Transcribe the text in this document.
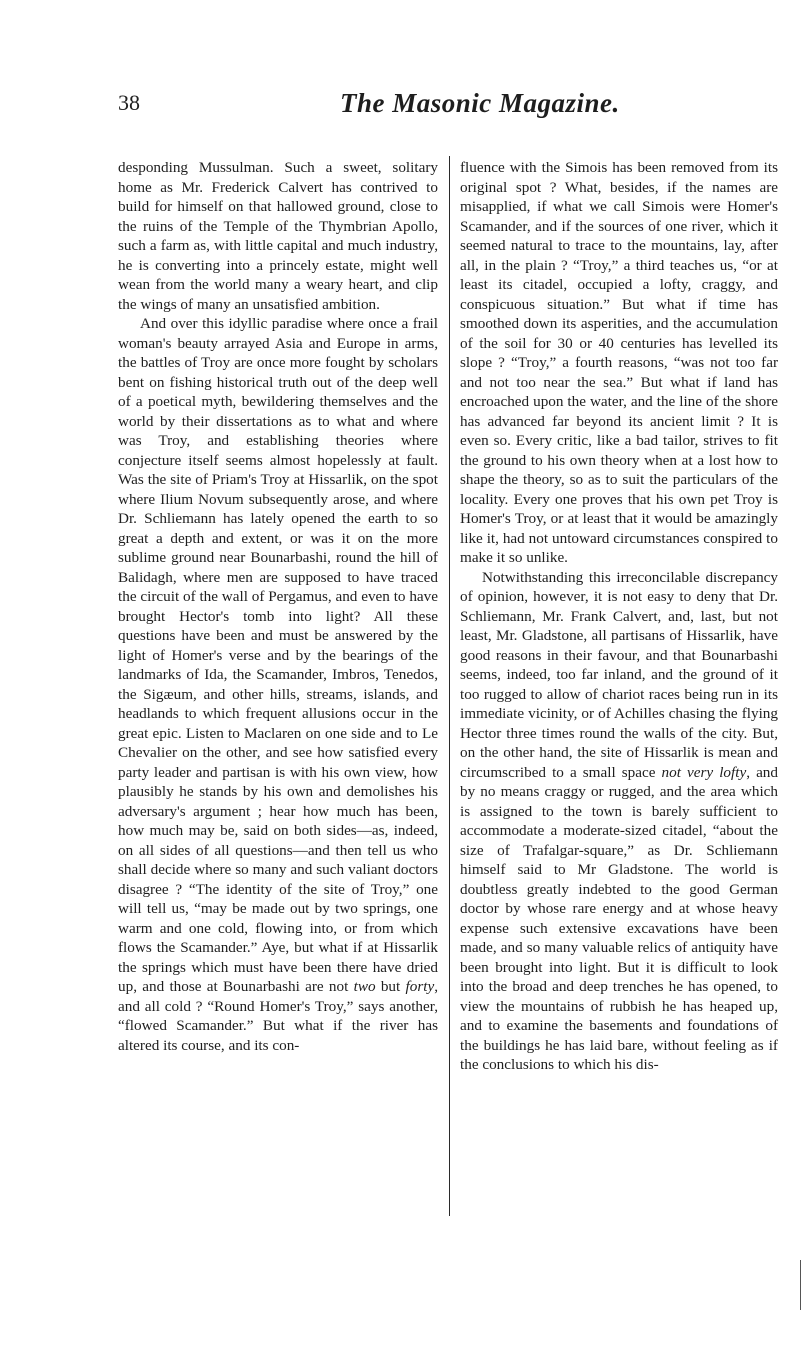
38	The Masonic Magazine.

desponding Mussulman. Such a sweet, solitary home as Mr. Frederick Calvert has contrived to build for himself on that hallowed ground, close to the ruins of the Temple of the Thymbrian Apollo, such a farm as, with little capital and much industry, he is converting into a princely estate, might well wean from the world many a weary heart, and clip the wings of many an unsatisfied ambition.

And over this idyllic paradise where once a frail woman's beauty arrayed Asia and Europe in arms, the battles of Troy are once more fought by scholars bent on fishing historical truth out of the deep well of a poetical myth, bewildering themselves and the world by their dissertations as to what and where was Troy, and establishing theories where conjecture itself seems almost hopelessly at fault. Was the site of Priam's Troy at Hissarlik, on the spot where Ilium Novum subsequently arose, and where Dr. Schliemann has lately opened the earth to so great a depth and extent, or was it on the more sublime ground near Bounarbashi, round the hill of Balidagh, where men are supposed to have traced the circuit of the wall of Pergamus, and even to have brought Hector's tomb into light? All these questions have been and must be answered by the light of Homer's verse and by the bearings of the landmarks of Ida, the Scamander, Imbros, Tenedos, the Sigæum, and other hills, streams, islands, and headlands to which frequent allusions occur in the great epic. Listen to Maclaren on one side and to Le Chevalier on the other, and see how satisfied every party leader and partisan is with his own view, how plausibly he stands by his own and demolishes his adversary's argument ; hear how much has been, how much may be, said on both sides—as, indeed, on all sides of all questions—and then tell us who shall decide where so many and such valiant doctors disagree ? “The identity of the site of Troy,” one will tell us, “may be made out by two springs, one warm and one cold, flowing into, or from which flows the Scamander.” Aye, but what if at Hissarlik the springs which must have been there have dried up, and those at Bounarbashi are not two but forty, and all cold ? “Round Homer's Troy,” says another, “flowed Scamander.” But what if the river has altered its course, and its con-

fluence with the Simois has been removed from its original spot ? What, besides, if the names are misapplied, if what we call Simois were Homer's Scamander, and if the sources of one river, which it seemed natural to trace to the mountains, lay, after all, in the plain ? “Troy,” a third teaches us, “or at least its citadel, occupied a lofty, craggy, and conspicuous situation.” But what if time has smoothed down its asperities, and the accumulation of the soil for 30 or 40 centuries has levelled its slope ? “Troy,” a fourth reasons, “was not too far and not too near the sea.” But what if land has encroached upon the water, and the line of the shore has advanced far beyond its ancient limit ? It is even so. Every critic, like a bad tailor, strives to fit the ground to his own theory when at a lost how to shape the theory, so as to suit the particulars of the locality. Every one proves that his own pet Troy is Homer's Troy, or at least that it would be amazingly like it, had not untoward circumstances conspired to make it so unlike.

Notwithstanding this irreconcilable discrepancy of opinion, however, it is not easy to deny that Dr. Schliemann, Mr. Frank Calvert, and, last, but not least, Mr. Gladstone, all partisans of Hissarlik, have good reasons in their favour, and that Bounarbashi seems, indeed, too far inland, and the ground of it too rugged to allow of chariot races being run in its immediate vicinity, or of Achilles chasing the flying Hector three times round the walls of the city. But, on the other hand, the site of Hissarlik is mean and circumscribed to a small space not very lofty, and by no means craggy or rugged, and the area which is assigned to the town is barely sufficient to accommodate a moderate-sized citadel, “about the size of Trafalgar-square,” as Dr. Schliemann himself said to Mr Gladstone. The world is doubtless greatly indebted to the good German doctor by whose rare energy and at whose heavy expense such extensive excavations have been made, and so many valuable relics of antiquity have been brought into light. But it is difficult to look into the broad and deep trenches he has opened, to view the mountains of rubbish he has heaped up, and to examine the basements and foundations of the buildings he has laid bare, without feeling as if the conclusions to which his dis-
